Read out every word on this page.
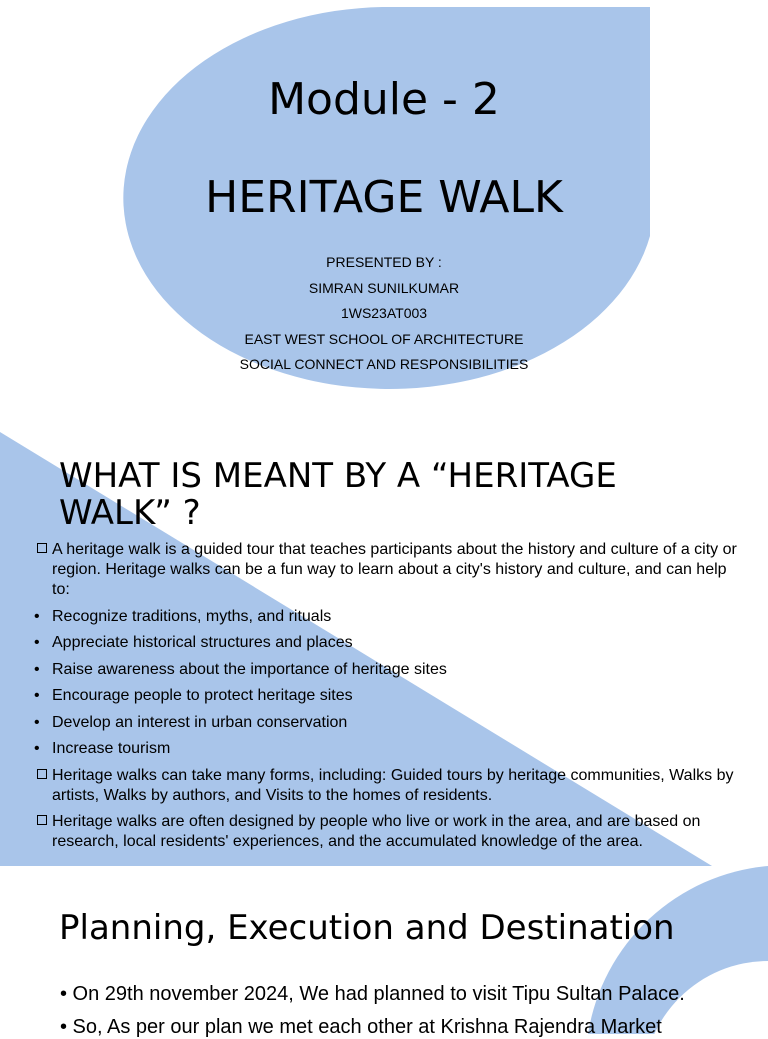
Module - 2
HERITAGE WALK
PRESENTED BY :
SIMRAN SUNILKUMAR
1WS23AT003
EAST WEST SCHOOL OF ARCHITECTURE
SOCIAL CONNECT AND RESPONSIBILITIES
WHAT IS MEANT BY A “HERITAGE WALK” ?
A heritage walk is a guided tour that teaches participants about the history and culture of a city or region. Heritage walks can be a fun way to learn about a city's history and culture, and can help to:
• Recognize traditions, myths, and rituals
• Appreciate historical structures and places
• Raise awareness about the importance of heritage sites
• Encourage people to protect heritage sites
• Develop an interest in urban conservation
• Increase tourism
Heritage walks can take many forms, including: Guided tours by heritage communities, Walks by artists, Walks by authors, and Visits to the homes of residents.
Heritage walks are often designed by people who live or work in the area, and are based on research, local residents' experiences, and the accumulated knowledge of the area.
Planning, Execution and Destination
• On 29th november 2024, We had planned to visit Tipu Sultan Palace.
• So, As per our plan we met each other at Krishna Rajendra Market
